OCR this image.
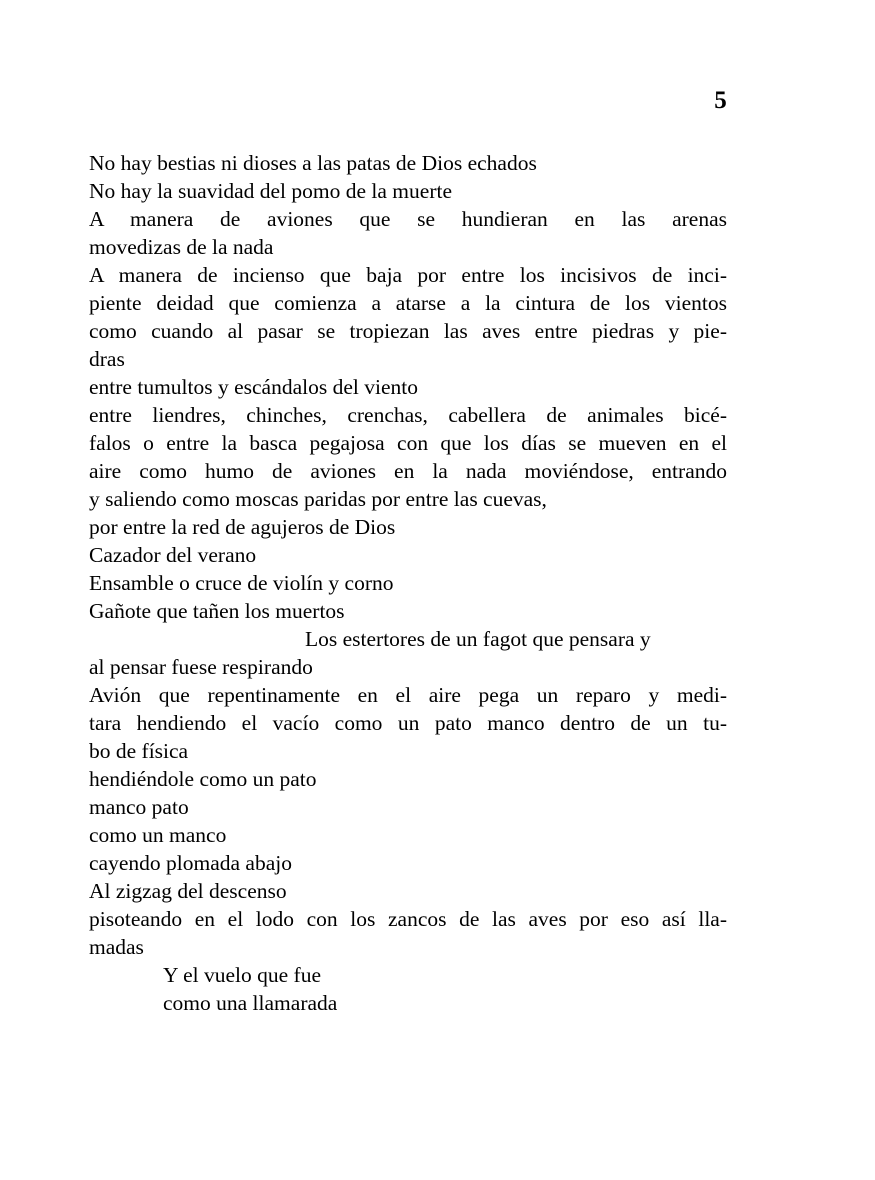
5
No hay bestias ni dioses a las patas de Dios echados
No hay la suavidad del pomo de la muerte
A manera de aviones que se hundieran en las arenas
movedizas de la nada
A manera de incienso que baja por entre los incisivos de inci-
piente deidad que comienza a atarse a la cintura de los vientos
como cuando al pasar se tropiezan las aves entre piedras y pie-
dras
entre tumultos y escándalos del viento
entre liendres, chinches, crenchas, cabellera de animales bicé-
falos o entre la basca pegajosa con que los días se mueven en el
aire como humo de aviones en la nada moviéndose, entrando
y saliendo como moscas paridas por entre las cuevas,
por entre la red de agujeros de Dios
Cazador del verano
Ensamble o cruce de violín y corno
Gañote que tañen los muertos
Los estertores de un fagot que pensara y
al pensar fuese respirando
Avión que repentinamente en el aire pega un reparo y medi-
tara hendiendo el vacío como un pato manco dentro de un tu-
bo de física
hendiéndole como un pato
manco pato
como un manco
cayendo plomada abajo
Al zigzag del descenso
pisoteando en el lodo con los zancos de las aves por eso así lla-
madas
Y el vuelo que fue
como una llamarada
